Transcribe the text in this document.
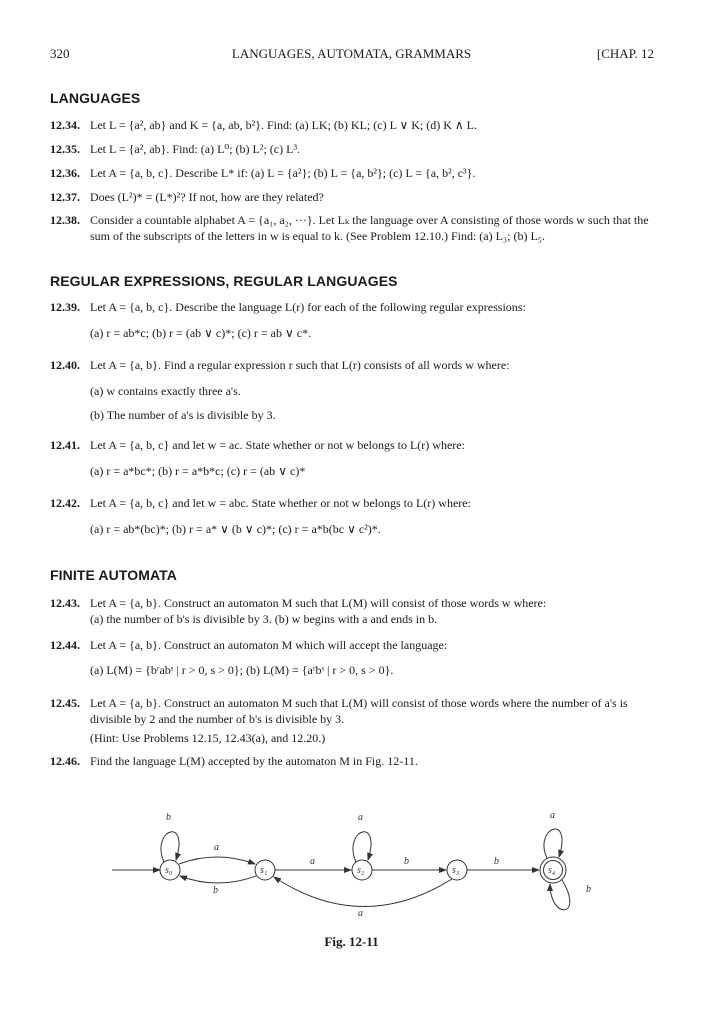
320	LANGUAGES, AUTOMATA, GRAMMARS	[CHAP. 12
LANGUAGES
12.34. Let L = {a², ab} and K = {a, ab, b²}. Find: (a) LK; (b) KL; (c) L ∨ K; (d) K ∧ L.
12.35. Let L = {a², ab}. Find: (a) L⁰; (b) L²; (c) L³.
12.36. Let A = {a, b, c}. Describe L* if: (a) L = {a²}; (b) L = {a, b²}; (c) L = {a, b², c³}.
12.37. Does (L²)* = (L*)²? If not, how are they related?
12.38. Consider a countable alphabet A = {a₁, a₂, ···}. Let Lₖ the language over A consisting of those words w such that the sum of the subscripts of the letters in w is equal to k. (See Problem 12.10.) Find: (a) L₃; (b) L₅.
REGULAR EXPRESSIONS, REGULAR LANGUAGES
12.39. Let A = {a, b, c}. Describe the language L(r) for each of the following regular expressions:
(a) r = ab*c; (b) r = (ab ∨ c)*; (c) r = ab ∨ c*.
12.40. Let A = {a, b}. Find a regular expression r such that L(r) consists of all words w where:
(a) w contains exactly three a's.
(b) The number of a's is divisible by 3.
12.41. Let A = {a, b, c} and let w = ac. State whether or not w belongs to L(r) where:
(a) r = a*bc*; (b) r = a*b*c; (c) r = (ab ∨ c)*
12.42. Let A = {a, b, c} and let w = abc. State whether or not w belongs to L(r) where:
(a) r = ab*(bc)*; (b) r = a* ∨ (b ∨ c)*; (c) r = a*b(bc ∨ c²)*.
FINITE AUTOMATA
12.43. Let A = {a, b}. Construct an automaton M such that L(M) will consist of those words w where:
(a) the number of b's is divisible by 3. (b) w begins with a and ends in b.
12.44. Let A = {a, b}. Construct an automaton M which will accept the language:
(a) L(M) = {bʳabˢ | r > 0, s > 0}; (b) L(M) = {aʳbˢ | r > 0, s > 0}.
12.45. Let A = {a, b}. Construct an automaton M such that L(M) will consist of those words where the number of a's is divisible by 2 and the number of b's is divisible by 3.
(Hint: Use Problems 12.15, 12.43(a), and 12.20.)
12.46. Find the language L(M) accepted by the automaton M in Fig. 12-11.
s₀	s₁	s₂	s₃	s₄
b
a
b
a
a
b	b
a
a
b
Fig. 12-11
